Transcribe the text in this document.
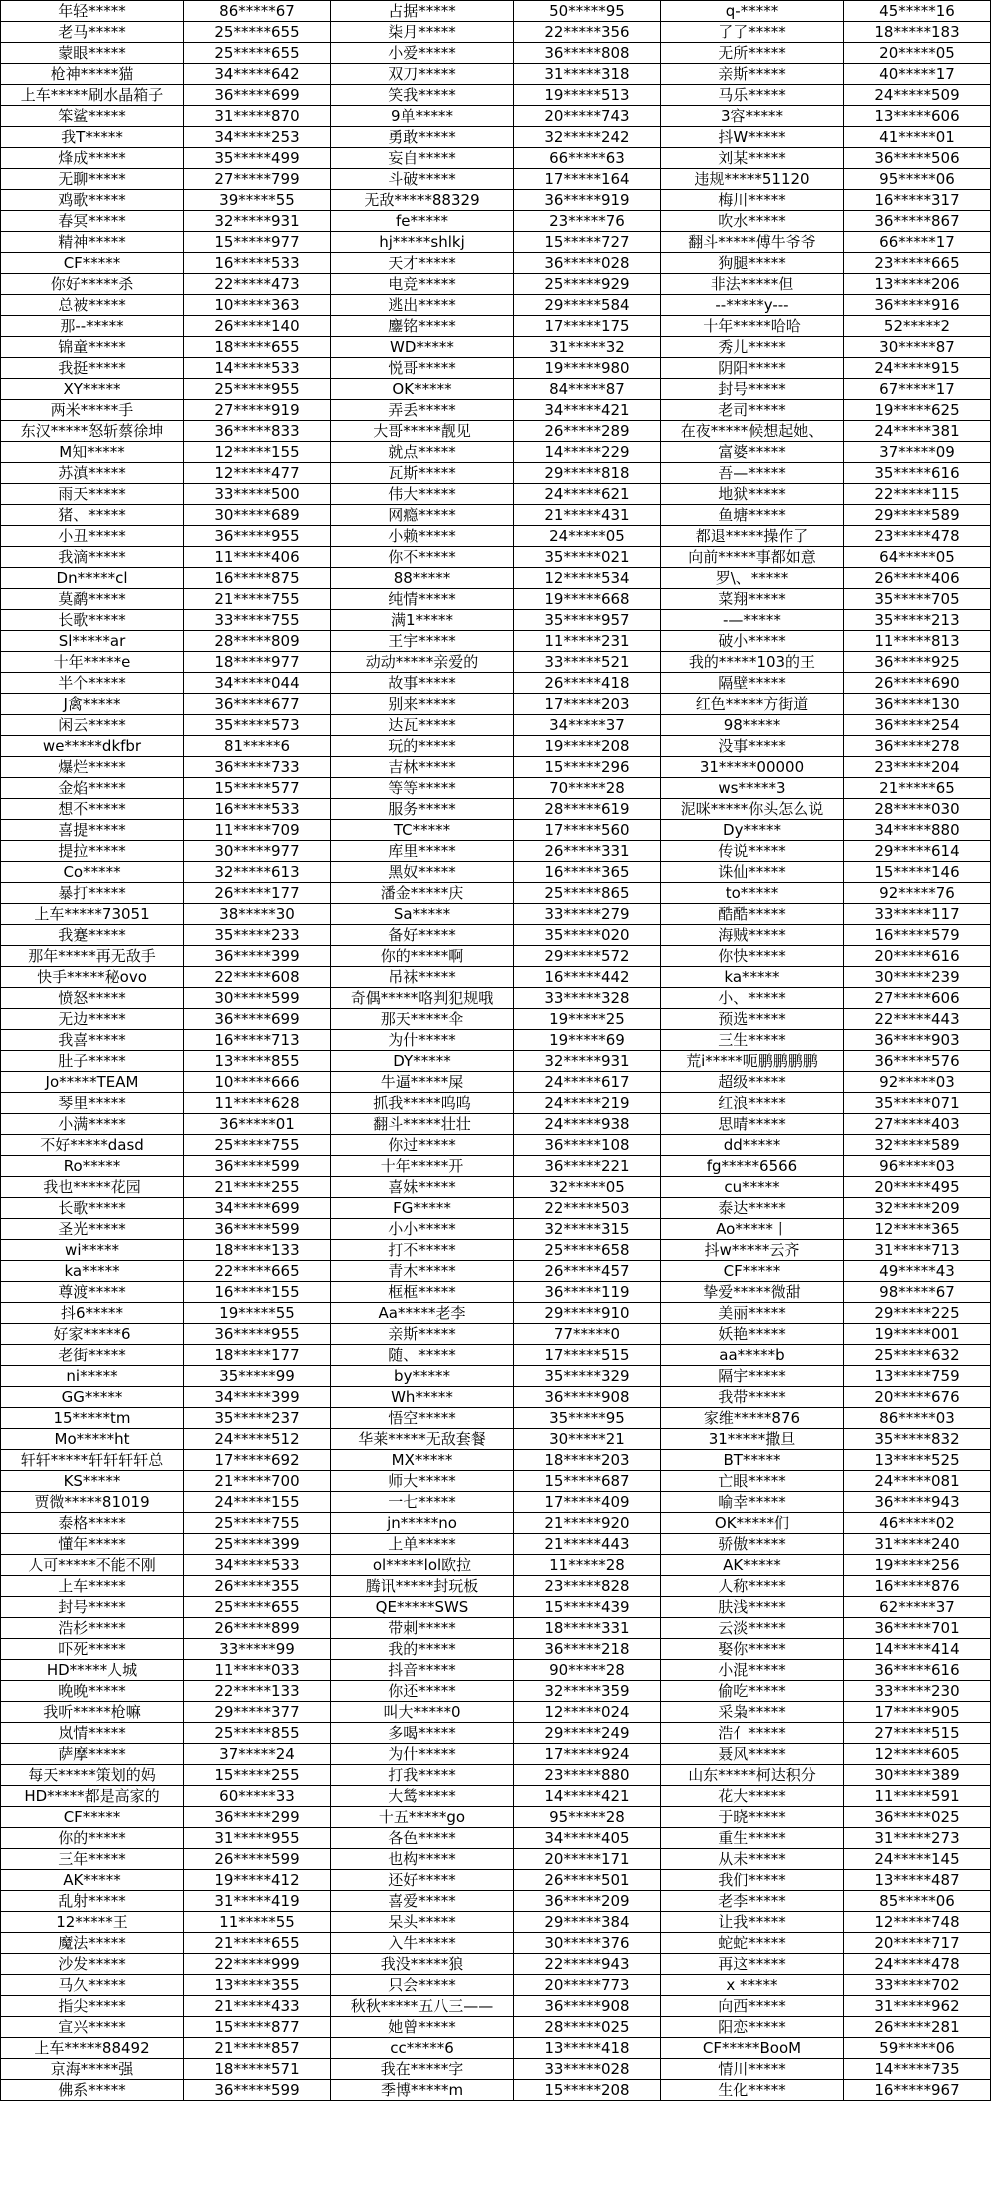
年轻*****	86*****67	占据*****	50*****95	q-*****	45*****16
老马*****	25*****655	柒月*****	22*****356	了了*****	18*****183
蒙眼*****	25*****655	小爱*****	36*****808	无所*****	20*****05
枪神*****猫	34*****642	双刀*****	31*****318	亲斯*****	40*****17
上车*****刷水晶箱子	36*****699	笑我*****	19*****513	马乐*****	24*****509
笨鲨*****	31*****870	9单*****	20*****743	3容*****	13*****606
我T*****	34*****253	勇敢*****	32*****242	抖W*****	41*****01
烽成*****	35*****499	妄自*****	66*****63	刘某*****	36*****506
无聊*****	27*****799	斗破*****	17*****164	违规*****51120	95*****06
鸡歌*****	39*****55	无敌*****88329	36*****919	梅川*****	16*****317
春冥*****	32*****931	fe*****	23*****76	吹水*****	36*****867
精神*****	15*****977	hj*****shlkj	15*****727	翻斗*****傅牛爷爷	66*****17
CF*****	16*****533	天才*****	36*****028	狗腿*****	23*****665
你好*****杀	22*****473	电竞*****	25*****929	非法*****但	13*****206
总被*****	10*****363	逃出*****	29*****584	--*****y---	36*****916
那--*****	26*****140	鏖铭*****	17*****175	十年*****哈哈	52*****2
锦童*****	18*****655	WD*****	31*****32	秀儿*****	30*****87
我挺*****	14*****533	悦哥*****	19*****980	阴阳*****	24*****915
XY*****	25*****955	OK*****	84*****87	封号*****	67*****17
两米*****手	27*****919	弄丢*****	34*****421	老司*****	19*****625
东汉*****怒斩蔡徐坤	36*****833	大哥*****靓见	26*****289	在夜*****候想起她、	24*****381
M知*****	12*****155	就点*****	14*****229	富婆*****	37*****09
苏滇*****	12*****477	瓦斯*****	29*****818	吾—*****	35*****616
雨天*****	33*****500	伟大*****	24*****621	地狱*****	22*****115
猪、*****	30*****689	网瘾*****	21*****431	鱼塘*****	29*****589
小丑*****	36*****955	小赖*****	24*****05	都退*****操作了	23*****478
我滴*****	11*****406	你不*****	35*****021	向前*****事都如意	64*****05
Dn*****cl	16*****875	88*****	12*****534	罗\、*****	26*****406
莫鹬*****	21*****755	纯情*****	19*****668	菜翔*****	35*****705
长歌*****	33*****755	满1*****	35*****957	-—*****	35*****213
Sl*****ar	28*****809	王宇*****	11*****231	破小*****	11*****813
十年*****e	18*****977	动动*****亲爱的	33*****521	我的*****103的王	36*****925
半个*****	34*****044	故事*****	26*****418	隔壁*****	26*****690
J禽*****	36*****677	别来*****	17*****203	红色*****方街道	36*****130
闲云*****	35*****573	达瓦*****	34*****37	98*****	36*****254
we*****dkfbr	81*****6	玩的*****	19*****208	没事*****	36*****278
爆烂*****	36*****733	吉林*****	15*****296	31*****00000	23*****204
金焰*****	15*****577	等等*****	70*****28	ws*****3	21*****65
想不*****	16*****533	服务*****	28*****619	泥咪*****你头怎么说	28*****030
喜提*****	11*****709	TC*****	17*****560	Dy*****	34*****880
提拉*****	30*****977	库里*****	26*****331	传说*****	29*****614
Co*****	32*****613	黑奴*****	16*****365	诛仙*****	15*****146
暴打*****	26*****177	潘金*****庆	25*****865	to*****	92*****76
上车*****73051	38*****30	Sa*****	33*****279	酷酷*****	33*****117
我蹇*****	35*****233	备好*****	35*****020	海贼*****	16*****579
那年*****再无敌手	36*****399	你的*****啊	29*****572	你快*****	20*****616
快手*****秘ovo	22*****608	吊袜*****	16*****442	ka*****	30*****239
愤怒*****	30*****599	奇偶*****咯判犯规哦	33*****328	小、*****	27*****606
无边*****	36*****699	那天*****伞	19*****25	预选*****	22*****443
我喜*****	16*****713	为什*****	19*****69	三生*****	36*****903
肚子*****	13*****855	DY*****	32*****931	荒i*****呃鹏鹏鹏鹏	36*****576
Jo*****TEAM	10*****666	牛逼*****屎	24*****617	超级*****	92*****03
琴里*****	11*****628	抓我*****呜呜	24*****219	红浪*****	35*****071
小满*****	36*****01	翻斗*****壮壮	24*****938	思晴*****	27*****403
不好*****dasd	25*****755	你过*****	36*****108	dd*****	32*****589
Ro*****	36*****599	十年*****开	36*****221	fg*****6566	96*****03
我也*****花园	21*****255	喜妹*****	32*****05	cu*****	20*****495
长歌*****	34*****699	FG*****	22*****503	泰达*****	32*****209
圣光*****	36*****599	小小*****	32*****315	Ao*****丨	12*****365
wi*****	18*****133	打不*****	25*****658	抖w*****云齐	31*****713
ka*****	22*****665	青木*****	26*****457	CF*****	49*****43
尊渡*****	16*****155	框框*****	36*****119	挚爱*****微甜	98*****67
抖6*****	19*****55	Aa*****老李	29*****910	美丽*****	29*****225
好家*****6	36*****955	亲斯*****	77*****0	妖艳*****	19*****001
老街*****	18*****177	随、*****	17*****515	aa*****b	25*****632
ni*****	35*****99	by*****	35*****329	隔宇*****	13*****759
GG*****	34*****399	Wh*****	36*****908	我带*****	20*****676
15*****tm	35*****237	悟空*****	35*****95	家维*****876	86*****03
Mo*****ht	24*****512	华莱*****无敌套餐	30*****21	31*****撒旦	35*****832
轩轩*****轩轩轩轩总	17*****692	MX*****	18*****203	BT*****	13*****525
KS*****	21*****700	师大*****	15*****687	亡眼*****	24*****081
贾微*****81019	24*****155	一七*****	17*****409	喻幸*****	36*****943
泰格*****	25*****755	jn*****no	21*****920	OK*****们	46*****02
懂年*****	25*****399	上单*****	21*****443	骄傲*****	31*****240
人可*****不能不刚	34*****533	ol*****lol欧拉	11*****28	AK*****	19*****256
上车*****	26*****355	腾讯*****封玩板	23*****828	人称*****	16*****876
封号*****	25*****655	QE*****SWS	15*****439	肤浅*****	62*****37
浩杉*****	26*****899	带刺*****	18*****331	云淡*****	36*****701
吓死*****	33*****99	我的*****	36*****218	娶你*****	14*****414
HD*****人城	11*****033	抖音*****	90*****28	小混*****	36*****616
晚晚*****	22*****133	你还*****	32*****359	偷吃*****	33*****230
我听*****枪嘛	29*****377	叫大*****0	12*****024	采枭*****	17*****905
岚情*****	25*****855	多喝*****	29*****249	浩亻*****	27*****515
萨摩*****	37*****24	为什*****	17*****924	聂风*****	12*****605
每天*****策划的妈	15*****255	打我*****	23*****880	山东*****柯达积分	30*****389
HD*****都是高家的	60*****33	大鸶*****	14*****421	花大*****	11*****591
CF*****	36*****299	十五*****go	95*****28	于晓*****	36*****025
你的*****	31*****955	各色*****	34*****405	重生*****	31*****273
三年*****	26*****599	也构*****	20*****171	从未*****	24*****145
AK*****	19*****412	还好*****	26*****501	我们*****	13*****487
乱射*****	31*****419	喜爱*****	36*****209	老李*****	85*****06
12*****王	11*****55	呆头*****	29*****384	让我*****	12*****748
魔法*****	21*****655	入牛*****	30*****376	蛇蛇*****	20*****717
沙发*****	22*****999	我没*****狼	22*****943	再这*****	24*****478
马久*****	13*****355	只会*****	20*****773	x *****	33*****702
指尖*****	21*****433	秋秋*****五八三——	36*****908	向西*****	31*****962
宣兴*****	15*****877	她曾*****	28*****025	阳恋*****	26*****281
上车*****88492	21*****857	cc*****6	13*****418	CF*****BooM	59*****06
京海*****强	18*****571	我在*****字	33*****028	情川*****	14*****735
佛系*****	36*****599	季博*****m	15*****208	生化*****	16*****967
